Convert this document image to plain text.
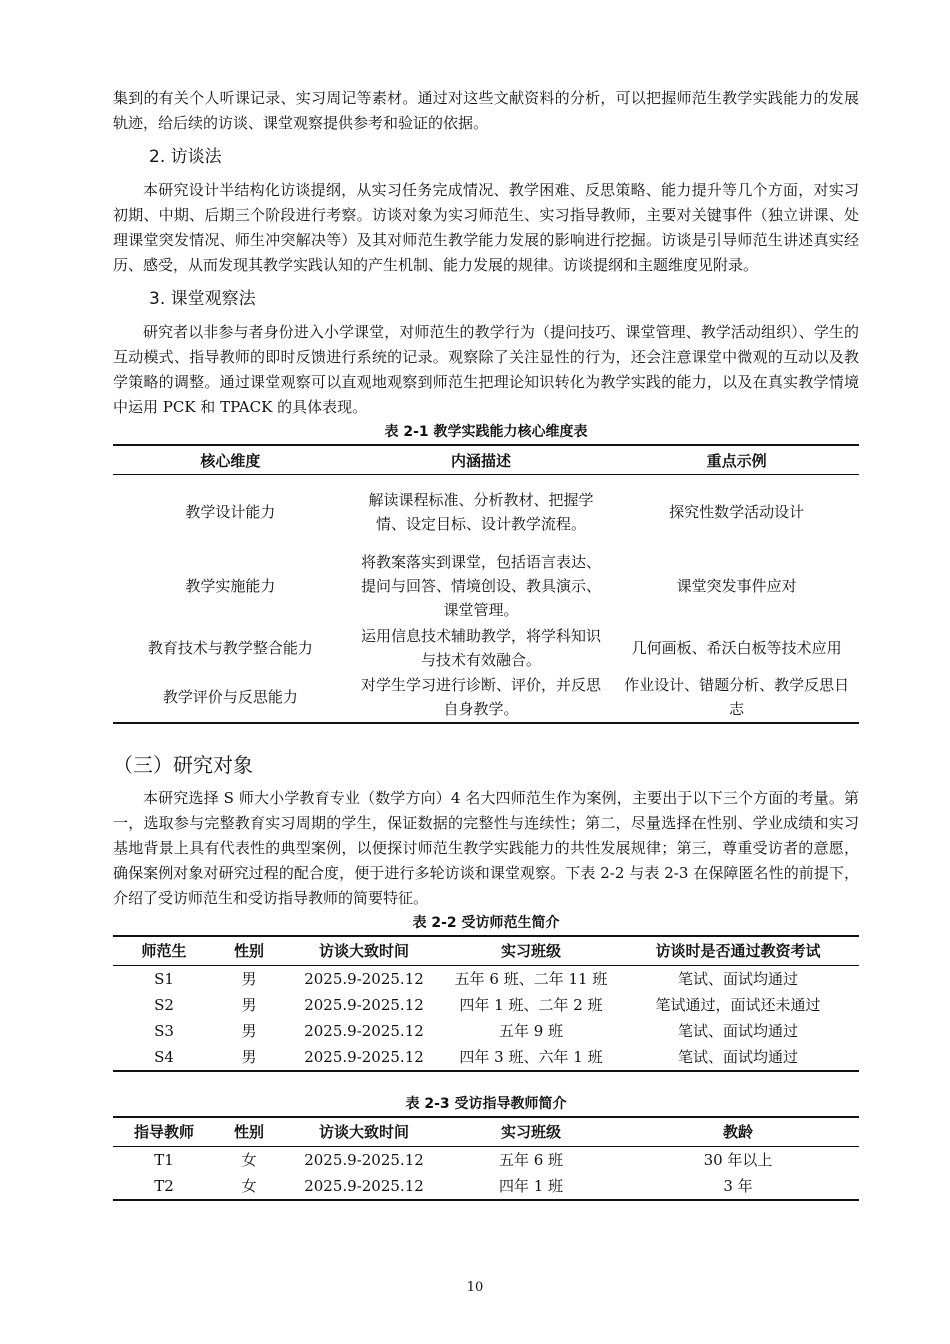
集到的有关个人听课记录、实习周记等素材。通过对这些文献资料的分析，可以把握师范生教学实践能力的发展轨迹，给后续的访谈、课堂观察提供参考和验证的依据。

2. 访谈法

本研究设计半结构化访谈提纲，从实习任务完成情况、教学困难、反思策略、能力提升等几个方面，对实习初期、中期、后期三个阶段进行考察。访谈对象为实习师范生、实习指导教师，主要对关键事件（独立讲课、处理课堂突发情况、师生冲突解决等）及其对师范生教学能力发展的影响进行挖掘。访谈是引导师范生讲述真实经历、感受，从而发现其教学实践认知的产生机制、能力发展的规律。访谈提纲和主题维度见附录。

3. 课堂观察法

研究者以非参与者身份进入小学课堂，对师范生的教学行为（提问技巧、课堂管理、教学活动组织）、学生的互动模式、指导教师的即时反馈进行系统的记录。观察除了关注显性的行为，还会注意课堂中微观的互动以及教学策略的调整。通过课堂观察可以直观地观察到师范生把理论知识转化为教学实践的能力，以及在真实教学情境中运用 PCK 和 TPACK 的具体表现。

表 2-1 教学实践能力核心维度表
核心维度	内涵描述	重点示例
教学设计能力	解读课程标准、分析教材、把握学情、设定目标、设计教学流程。	探究性数学活动设计
教学实施能力	将教案落实到课堂，包括语言表达、提问与回答、情境创设、教具演示、课堂管理。	课堂突发事件应对
教育技术与教学整合能力	运用信息技术辅助教学，将学科知识与技术有效融合。	几何画板、希沃白板等技术应用
教学评价与反思能力	对学生学习进行诊断、评价，并反思自身教学。	作业设计、错题分析、教学反思日志
（三）研究对象

本研究选择 S 师大小学教育专业（数学方向）4 名大四师范生作为案例，主要出于以下三个方面的考量。第一，选取参与完整教育实习周期的学生，保证数据的完整性与连续性；第二，尽量选择在性别、学业成绩和实习基地背景上具有代表性的典型案例，以便探讨师范生教学实践能力的共性发展规律；第三，尊重受访者的意愿，确保案例对象对研究过程的配合度，便于进行多轮访谈和课堂观察。下表 2-2 与表 2-3 在保障匿名性的前提下，介绍了受访师范生和受访指导教师的简要特征。

表 2-2 受访师范生简介
师范生	性别	访谈大致时间	实习班级	访谈时是否通过教资考试
S1	男	2025.9-2025.12	五年 6 班、二年 11 班	笔试、面试均通过
S2	男	2025.9-2025.12	四年 1 班、二年 2 班	笔试通过，面试还未通过
S3	男	2025.9-2025.12	五年 9 班	笔试、面试均通过
S4	男	2025.9-2025.12	四年 3 班、六年 1 班	笔试、面试均通过
表 2-3 受访指导教师简介
指导教师	性别	访谈大致时间	实习班级	教龄
T1	女	2025.9-2025.12	五年 6 班	30 年以上
T2	女	2025.9-2025.12	四年 1 班	3 年
10
